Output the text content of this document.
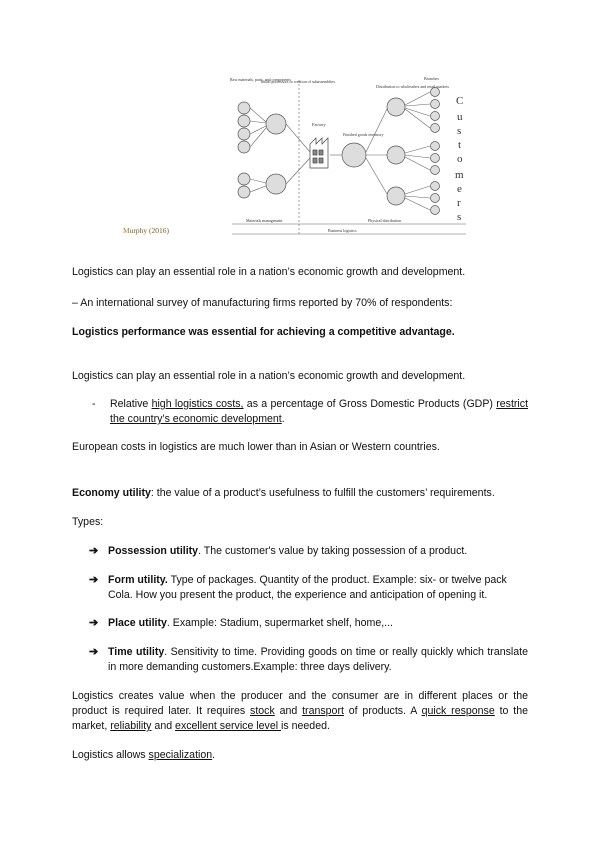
Raw materials, parts, and components
Initial processors or creation of subassemblies
Factory
Finished goods inventory
Distribution to wholesalers and retail markets
Branches
C
u
s
t
o
m
e
r
s
Materials management	Physical distribution
Business logistics
Murphy (2016)
Logistics can play an essential role in a nation’s economic growth and development.
– An international survey of manufacturing firms reported by 70% of respondents:
Logistics performance was essential for achieving a competitive advantage.
Logistics can play an essential role in a nation’s economic growth and development.
- Relative high logistics costs, as a percentage of Gross Domestic Products (GDP) restrict the country’s economic development.
European costs in logistics are much lower than in Asian or Western countries.
Economy utility: the value of a product’s usefulness to fulfill the customers’ requirements.
Types:
➔ Possession utility. The customer's value by taking possession of a product.
➔ Form utility. Type of packages. Quantity of the product. Example: six- or twelve pack Cola. How you present the product, the experience and anticipation of opening it.
➔ Place utility. Example: Stadium, supermarket shelf, home,...
➔ Time utility. Sensitivity to time. Providing goods on time or really quickly which translate in more demanding customers.Example: three days delivery.
Logistics creates value when the producer and the consumer are in different places or the product is required later. It requires stock and transport of products. A quick response to the market, reliability and excellent service level is needed.
Logistics allows specialization.
